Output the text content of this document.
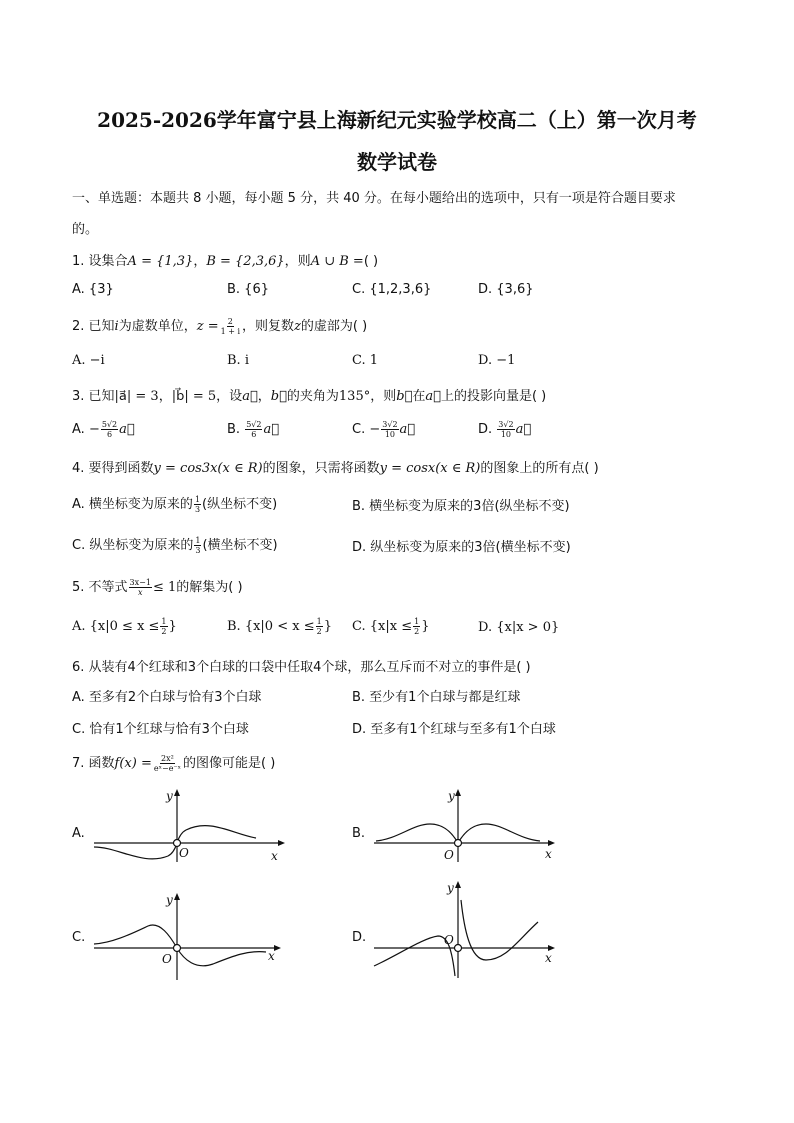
2025-2026学年富宁县上海新纪元实验学校高二（上）第一次月考
数学试卷
一、单选题：本题共 8 小题，每小题 5 分，共 40 分。在每小题给出的选项中，只有一项是符合题目要求
的。
1. 设集合A = {1,3}，B = {2,3,6}，则A ∪ B =( )
A. {3}	B. {6}	C. {1,2,3,6}	D. {3,6}
2. 已知i为虚数单位，$z = \frac{2}{1 + i}$ ，则复数z的虚部为( )
A. −i	B. i	C. 1	D. −1
3. 已知|a⃗| = 3，|b⃗| = 5，设a⃗，b⃗的夹角为135°，则b⃗在a⃗上的投影向量是( )
A. − $\frac{5√2}{6}$ a⃗	B. $\frac{5√2}{6}$ a⃗	C. − $\frac{3√2}{10}$ a⃗	D. $\frac{3√2}{10}$ a⃗
4. 要得到函数y = cos3x(x ∈ R)的图象，只需将函数y = cosx(x ∈ R)的图象上的所有点( )
A. 横坐标变为原来的 $\frac{1}{3}$ (纵坐标不变)	B. 横坐标变为原来的3倍(纵坐标不变)
C. 纵坐标变为原来的 $\frac{1}{3}$ (横坐标不变)	D. 纵坐标变为原来的3倍(横坐标不变)
5. 不等式 $\frac{3x-1}{x} \le 1$的解集为( )
A. {$x|0 \le x \le \frac{1}{2}$ }	B. {$x|0 < x \le \frac{1}{2}$ } C. {$x|x \le \frac{1}{2}$ }	D. {x|x > 0}
6. 从装有4个红球和3个白球的口袋中任取4个球，那么互斥而不对立的事件是( )
A. 至多有2个白球与恰有3个白球	B. 至少有1个白球与都是红球
C. 恰有1个红球与恰有3个白球	D. 至多有1个红球与至多有1个白球
7. 函数$f(x) = \frac{\text{2x²}}{\text{eˣ−e⁻ˣ}}$ 的图像可能是( )
A.	B.
C.	D.
x
y
O	x
y
O
x
y
O	x
y
O
